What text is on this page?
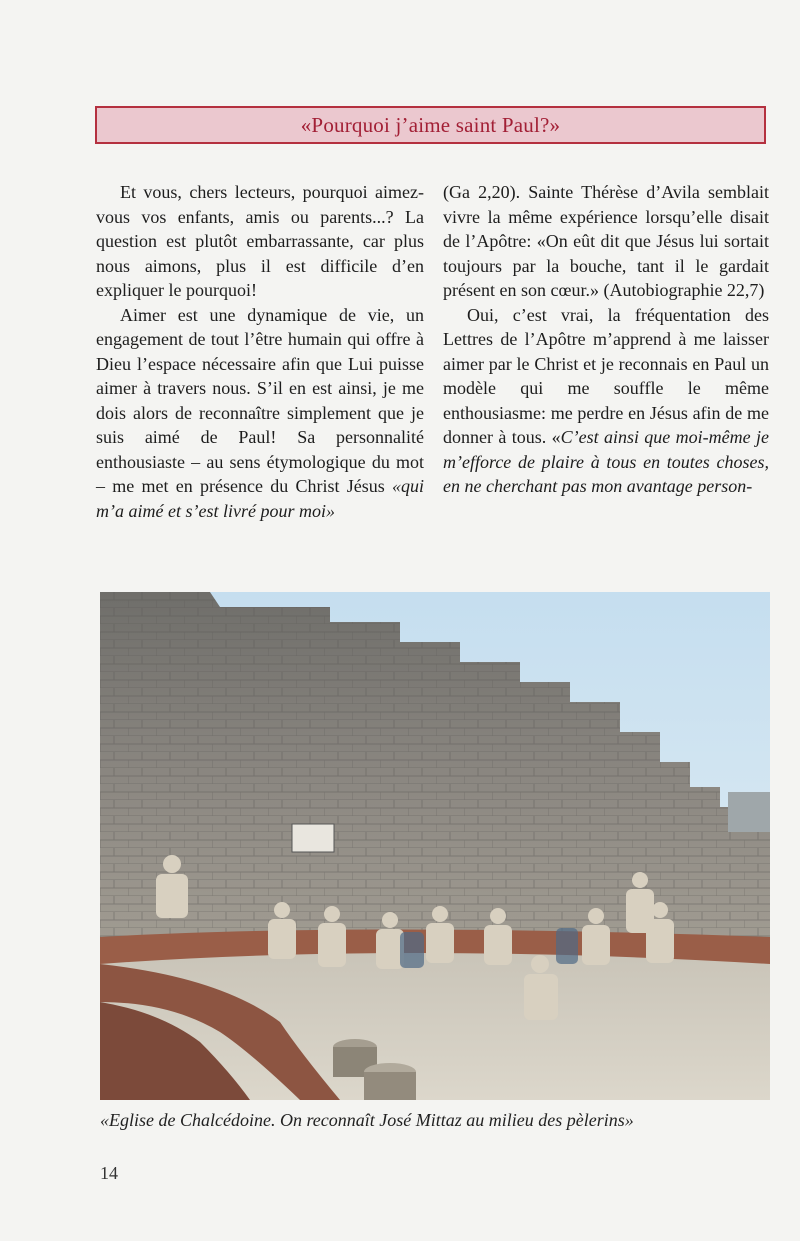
«Pourquoi j’aime saint Paul?»

Et vous, chers lecteurs, pourquoi aimez-vous vos enfants, amis ou parents...? La question est plutôt embarrassante, car plus nous aimons, plus il est difficile d’en expliquer le pourquoi!

Aimer est une dynamique de vie, un engagement de tout l’être humain qui offre à Dieu l’espace nécessaire afin que Lui puisse aimer à travers nous. S’il en est ainsi, je me dois alors de reconnaître simplement que je suis aimé de Paul! Sa personnalité enthousiaste – au sens étymologique du mot – me met en présence du Christ Jésus «qui m’a aimé et s’est livré pour moi»

(Ga 2,20). Sainte Thérèse d’Avila semblait vivre la même expérience lorsqu’elle disait de l’Apôtre: «On eût dit que Jésus lui sortait toujours par la bouche, tant il le gardait présent en son cœur.» (Autobiographie 22,7)

Oui, c’est vrai, la fréquentation des Lettres de l’Apôtre m’apprend à me laisser aimer par le Christ et je reconnais en Paul un modèle qui me souffle le même enthousiasme: me perdre en Jésus afin de me donner à tous. «C’est ainsi que moi-même je m’efforce de plaire à tous en toutes choses, en ne cherchant pas mon avantage person-

«Eglise de Chalcédoine. On reconnaît José Mittaz au milieu des pèlerins»
14
